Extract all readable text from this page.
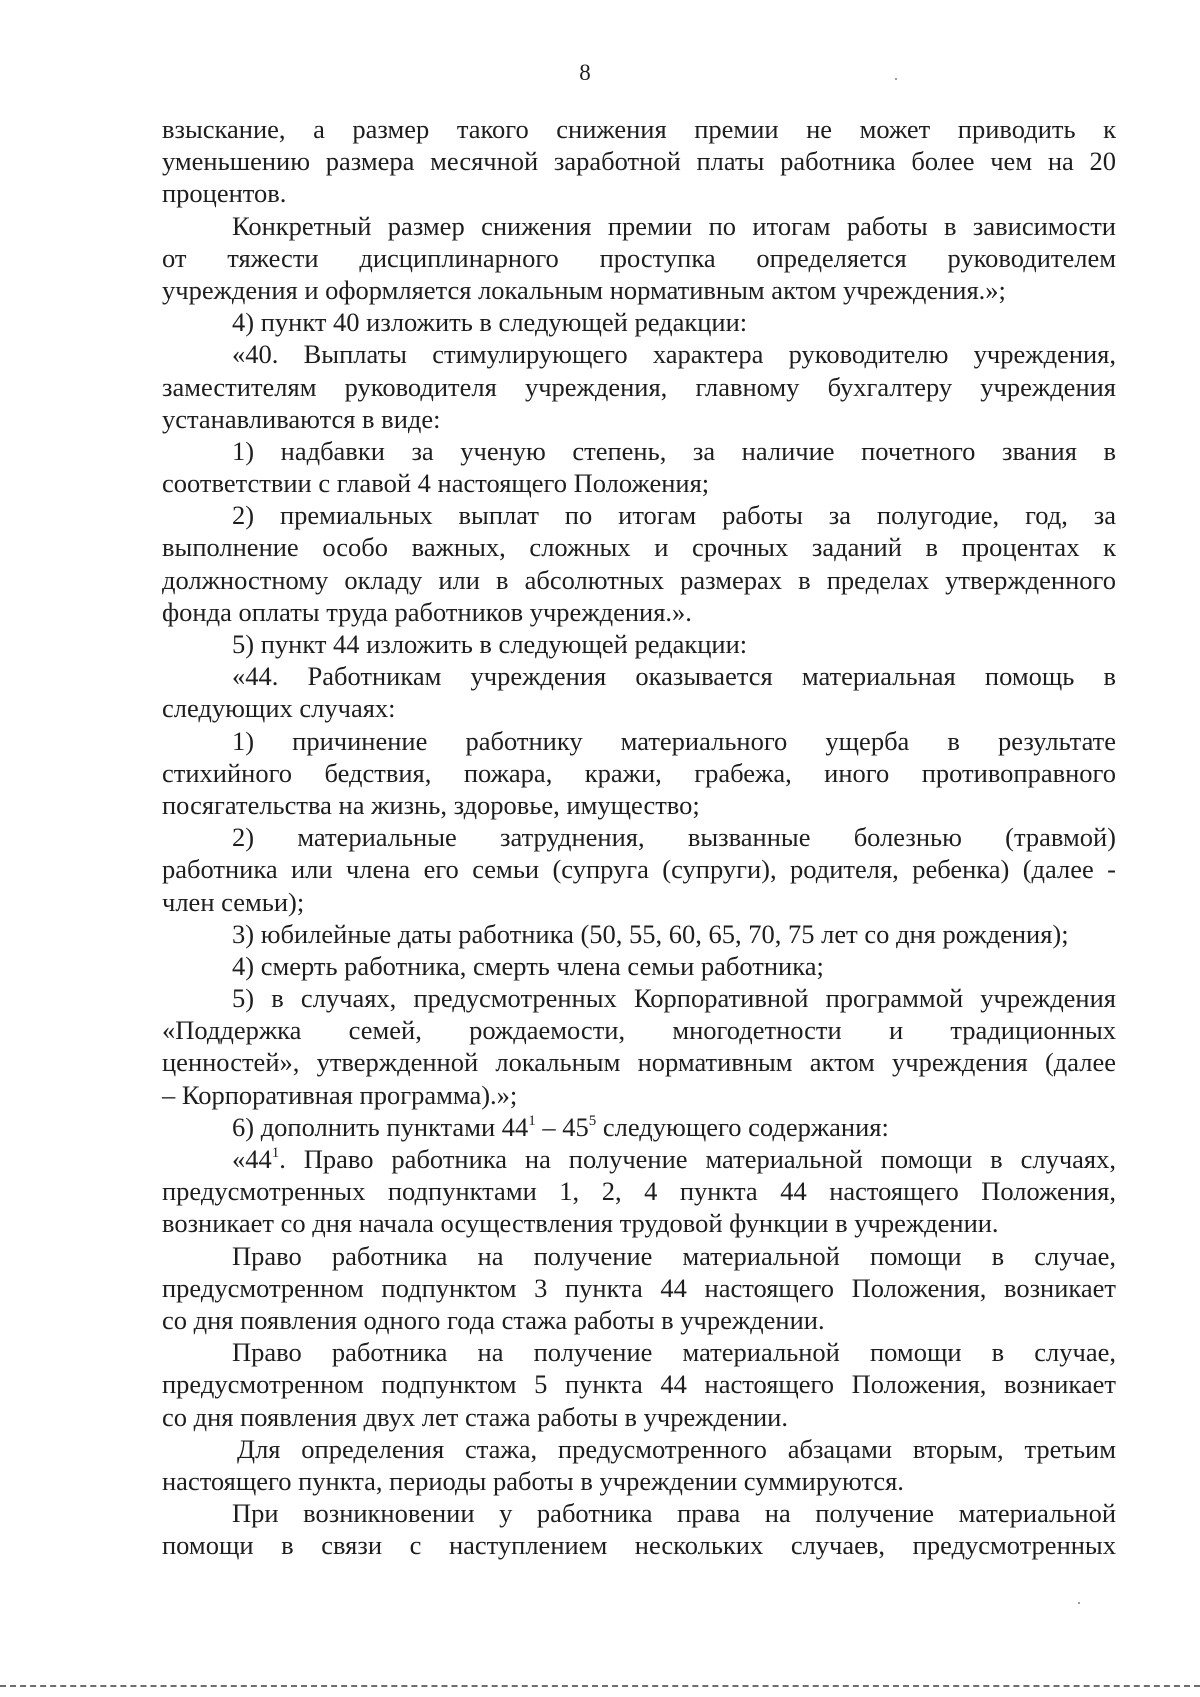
8
взыскание, а размер такого снижения премии не может приводить к
уменьшению размера месячной заработной платы работника более чем на 20
процентов.
Конкретный размер снижения премии по итогам работы в зависимости
от тяжести дисциплинарного проступка определяется руководителем
учреждения и оформляется локальным нормативным актом учреждения.»;
4) пункт 40 изложить в следующей редакции:
«40. Выплаты стимулирующего характера руководителю учреждения,
заместителям руководителя учреждения, главному бухгалтеру учреждения
устанавливаются в виде:
1) надбавки за ученую степень, за наличие почетного звания в
соответствии с главой 4 настоящего Положения;
2) премиальных выплат по итогам работы за полугодие, год, за
выполнение особо важных, сложных и срочных заданий в процентах к
должностному окладу или в абсолютных размерах в пределах утвержденного
фонда оплаты труда работников учреждения.».
5) пункт 44 изложить в следующей редакции:
«44. Работникам учреждения оказывается материальная помощь в
следующих случаях:
1) причинение работнику материального ущерба в результате
стихийного бедствия, пожара, кражи, грабежа, иного противоправного
посягательства на жизнь, здоровье, имущество;
2) материальные затруднения, вызванные болезнью (травмой)
работника или члена его семьи (супруга (супруги), родителя, ребенка) (далее -
член семьи);
3) юбилейные даты работника (50, 55, 60, 65, 70, 75 лет со дня рождения);
4) смерть работника, смерть члена семьи работника;
5) в случаях, предусмотренных Корпоративной программой учреждения
«Поддержка семей, рождаемости, многодетности и традиционных
ценностей», утвержденной локальным нормативным актом учреждения (далее
– Корпоративная программа).»;
6) дополнить пунктами $44^1 - 45^5$ следующего содержания:
«$44^1$. Право работника на получение материальной помощи в случаях,
предусмотренных подпунктами 1, 2, 4 пункта 44 настоящего Положения,
возникает со дня начала осуществления трудовой функции в учреждении.
Право работника на получение материальной помощи в случае,
предусмотренном подпунктом 3 пункта 44 настоящего Положения, возникает
со дня появления одного года стажа работы в учреждении.
Право работника на получение материальной помощи в случае,
предусмотренном подпунктом 5 пункта 44 настоящего Положения, возникает
со дня появления двух лет стажа работы в учреждении.
Для определения стажа, предусмотренного абзацами вторым, третьим
настоящего пункта, периоды работы в учреждении суммируются.
При возникновении у работника права на получение материальной
помощи в связи с наступлением нескольких случаев, предусмотренных
